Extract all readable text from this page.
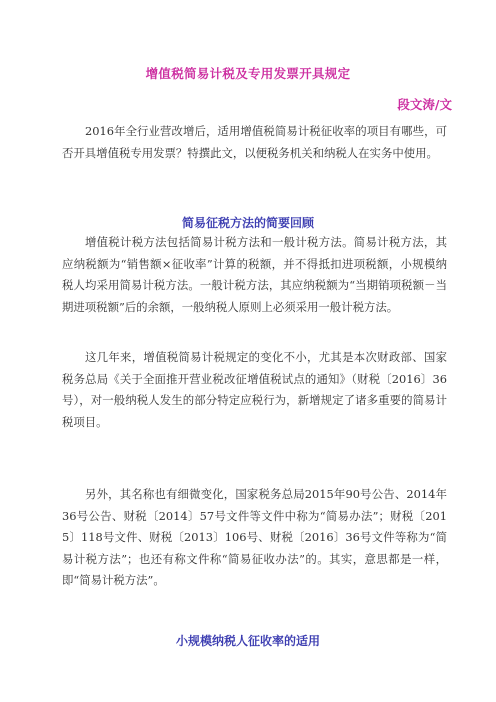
增值税简易计税及专用发票开具规定
段文涛/文

2016年全行业营改增后，适用增值税简易计税征收率的项目有哪些，可否开具增值税专用发票？特撰此文，以便税务机关和纳税人在实务中使用。

简易征税方法的简要回顾

增值税计税方法包括简易计税方法和一般计税方法。简易计税方法，其应纳税额为“销售额×征收率”计算的税额，并不得抵扣进项税额，小规模纳税人均采用简易计税方法。一般计税方法，其应纳税额为“当期销项税额－当期进项税额”后的余额，一般纳税人原则上必须采用一般计税方法。

这几年来，增值税简易计税规定的变化不小，尤其是本次财政部、国家税务总局《关于全面推开营业税改征增值税试点的通知》（财税〔2016〕36号），对一般纳税人发生的部分特定应税行为，新增规定了诸多重要的简易计税项目。

另外，其名称也有细微变化，国家税务总局2015年90号公告、2014年36号公告、财税〔2014〕57号文件等文件中称为“简易办法”；财税〔2015〕118号文件、财税〔2013〕106号、财税〔2016〕36号文件等称为“简易计税方法”；也还有称文件称“简易征收办法”的。其实，意思都是一样，即“简易计税方法”。

小规模纳税人征收率的适用
